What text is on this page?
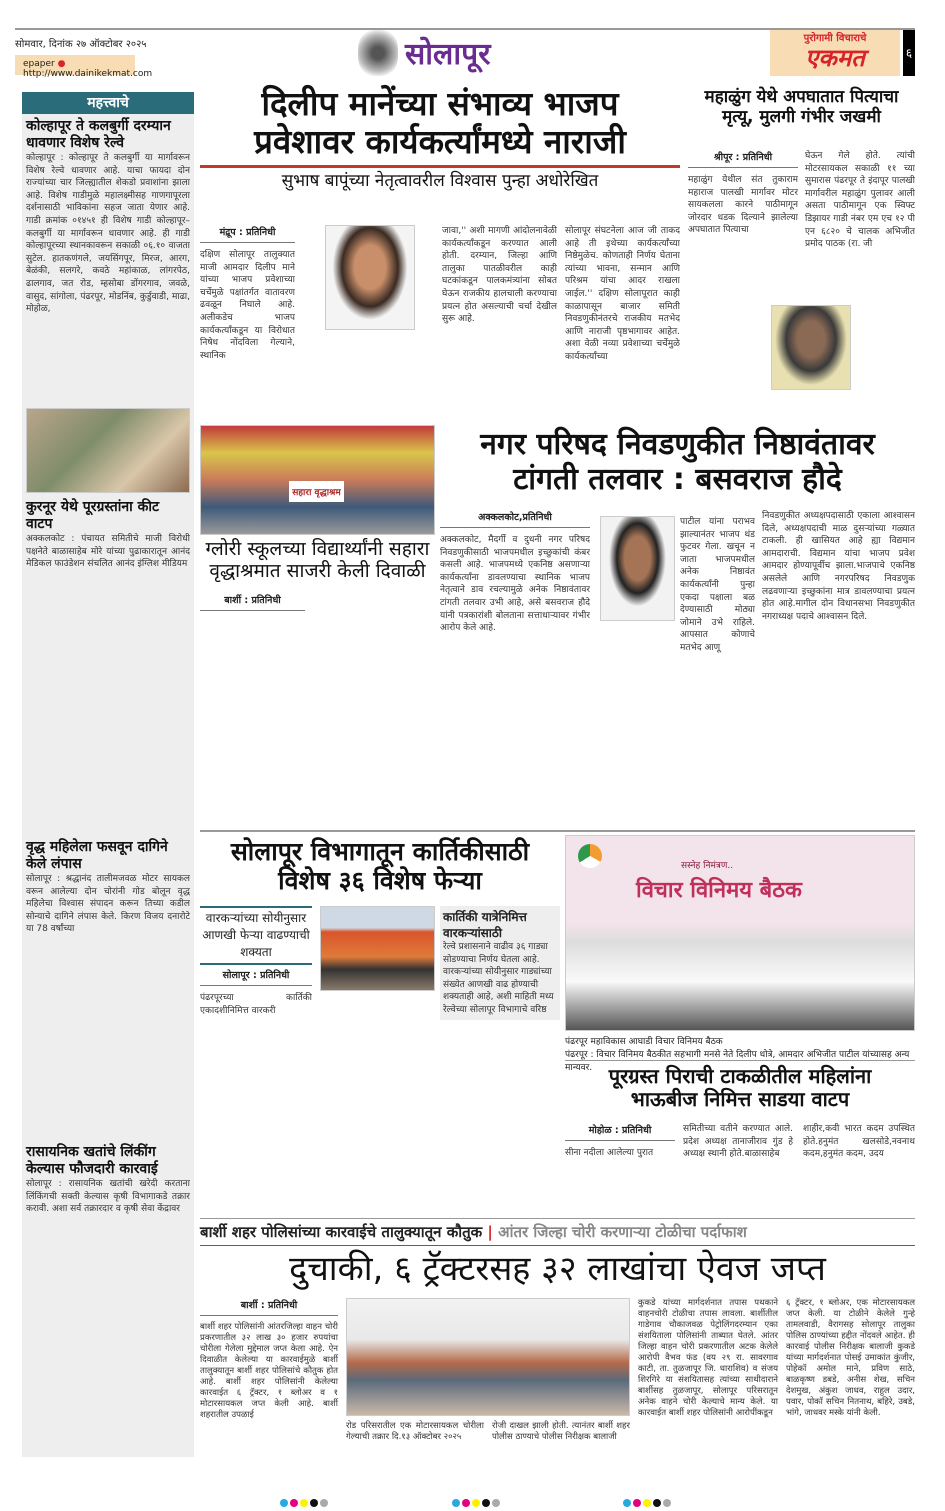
सोमवार, दिनांक २७ ऑक्टोबर २०२५
epaper ● http://www.dainikekmat.com
सोलापूर	पुरोगामी विचाराचे
एकमत	६
महत्त्वाचे
कोल्हापूर ते कलबुर्गी दरम्यान धावणार विशेष रेल्वे
कोल्हापूर : कोल्हापूर ते कलबुर्गी या मार्गावरून विशेष रेल्वे धावणार आहे. याचा फायदा दोन राज्यांच्या चार जिल्ह्यातील शेकडो प्रवाशांना झाला आहे. विशेष गाडीमुळे महालक्ष्मीसह गाणगापूरला दर्शनासाठी भाविकांना सहज जाता येणार आहे. गाडी क्रमांक ०१४५१ ही विशेष गाडी कोल्हापूर–कलबुर्गी या मार्गावरून धावणार आहे. ही गाडी कोल्हापूरच्या स्थानकावरून सकाळी ०६.१० वाजता सुटेल. हातकणंगले, जयसिंगपूर, मिरज, आरग, बेळंकी, सलगरे, कवठे महांकाळ, लांगरपेठ, ढालगाव, जत रोड, म्हसोबा डोंगरगाव, जवळे, वासुद, सांगोला, पंढरपूर, मोडनिंब, कुर्डुवाडी, माढा, मोहोळ,
कुरनूर येथे पूरग्रस्तांना कीट वाटप
अक्कलकोट : पंचायत समितीचे माजी विरोधी पक्षनेते बाळासाहेब मोरे यांच्या पुढाकारातून आनंद मेडिकल फाउंडेशन संचलित आनंद इंग्लिश मीडियम
वृद्ध महिलेला फसवून दागिने केले लंपास
सोलापूर : श्रद्धानंद तालीमजवळ मोटर सायकल वरून आलेल्या दोन चोरांनी गोड बोलून वृद्ध महिलेचा विश्वास संपादन करून तिच्या कडील सोन्याचे दागिने लंपास केले. किरण विजय दनारोटे या 78 वर्षांच्या
रासायनिक खतांचे लिंकींग केल्यास फौजदारी कारवाई
सोलापूर : रासायनिक खतांची खरेदी करताना लिंकिंगची सक्ती केल्यास कृषी विभागाकडे तक्रार करावी. अशा सर्व तक्रारदार व कृषी सेवा केंद्रावर
दिलीप मानेंच्या संभाव्य भाजप
प्रवेशावर कार्यकर्त्यांमध्ये नाराजी
सुभाष बापूंच्या नेतृत्वावरील विश्वास पुन्हा अधोरेखित
मंद्रूप : प्रतिनिधी
दक्षिण सोलापूर तालुक्यात माजी आमदार दिलीप माने यांच्या भाजप प्रवेशाच्या चर्चेमुळे पक्षांतर्गत वातावरण ढवळून निघाले आहे. अलीकडेच भाजप कार्यकर्त्यांकडून या विरोधात निषेध नोंदविला गेल्याने, स्थानिक
जावा,'' अशी मागणी आंदोलनावेळी कार्यकर्त्यांकडून करण्यात आली होती. दरम्यान, जिल्हा आणि तालुका पातळीवरील काही घटकांकडून पालकमंत्र्यांना सोबत घेऊन राजकीय हालचाली करण्याचा प्रयत्न होत असल्याची चर्चा देखील सुरू आहे.
सोलापूर संघटनेला आज जी ताकद आहे ती इथेच्या कार्यकर्त्यांच्या निष्ठेमुळेच. कोणताही निर्णय घेताना त्यांच्या भावना, सन्मान आणि परिश्रम यांचा आदर राखला जाईल.'' दक्षिण सोलापूरात काही काळापासून बाजार समिती निवडणुकीनंतरचे राजकीय मतभेद आणि नाराजी पृष्ठभागावर आहेत. अशा वेळी नव्या प्रवेशाच्या चर्चेमुळे कार्यकर्त्यांच्या
महाळुंग येथे अपघातात पित्याचा मृत्यू, मुलगी गंभीर जखमी
श्रीपूर : प्रतिनिधी
महाळुंग येथील संत तुकाराम महाराज पालखी मार्गावर मोटर सायकलला कारने पाठीमागून जोरदार धडक दिल्याने झालेल्या अपघातात पित्याचा
घेऊन गेले होते. त्यांची मोटरसायकल सकाळी ११ च्या सुमारास पंढरपूर ते इंदापूर पालखी मार्गावरील महाळुंग पुलावर आली असता पाठीमागून एक स्विफ्ट डिझायर गाडी नंबर एम एच १२ पी एन ६८२० चे चालक अभिजीत प्रमोद पाठक (रा. जी
सहारा वृद्धाश्रम
ग्लोरी स्कूलच्या विद्यार्थ्यांनी सहारा
वृद्धाश्रमात साजरी केली दिवाळी
बार्शी : प्रतिनिधी
नगर परिषद निवडणुकीत निष्ठावंतावर
टांगती तलवार : बसवराज हौदे
अक्कलकोट,प्रतिनिधी
अक्कलकोट, मैदर्गी व दुधनी नगर परिषद निवडणुकीसाठी भाजपमधील इच्छुकांची कंबर कसली आहे. भाजपमध्ये एकनिष्ठ असणाऱ्या कार्यकर्त्यांना डावलण्याचा स्थानिक भाजप नेतृत्वाने डाव रचल्यामुळे अनेक निष्ठावंतावर टांगती तलवार उभी आहे, असे बसवराज हौदे यांनी पत्रकारांशी बोलताना सत्ताधाऱ्यावर गंभीर आरोप केले आहे.
पाटील यांना पराभव झाल्यानंतर भाजप थंड फुटवर गेला. खचून न जाता भाजपमधील अनेक निष्ठावंत कार्यकर्त्यांनी पुन्हा एकदा पक्षाला बळ देण्यासाठी मोठ्या जोमाने उभे राहिले. आपसात कोणाचे मतभेद आणू
निवडणुकीत अध्यक्षपदासाठी एकाला आश्वासन दिले, अध्यक्षपदाची माळ दुसऱ्यांच्या गळ्यात टाकली. ही खासियत आहे ह्या विद्यमान आमदाराची. विद्यमान यांचा भाजप प्रवेश आमदार होण्यापूर्वीच झाला.भाजपाचे एकनिष्ठ असलेले आणि नगरपरिषद निवडणुक लढवणाऱ्या इच्छुकांना मात्र डावलण्याचा प्रयत्न होत आहे.मागील दोन विधानसभा निवडणुकीत नगराध्यक्ष पदाचे आश्वासन दिले.
सोलापूर विभागातून कार्तिकीसाठी
विशेष ३६ विशेष फेऱ्या
वारकऱ्यांच्या सोयीनुसार आणखी फेऱ्या वाढण्याची शक्यता
सोलापूर : प्रतिनिधी
पंढरपूरच्या कार्तिकी एकादशीनिमित्त वारकरी
कार्तिकी यात्रेनिमित्त वारकऱ्यांसाठी
रेल्वे प्रशासनाने वाढीव ३६ गाड्या सोडण्याचा निर्णय घेतला आहे. वारकऱ्यांच्या सोयीनुसार गाड्यांच्या संख्येत आणखी वाढ होण्याची शक्यताही आहे, अशी माहिती मध्य रेल्वेच्या सोलापूर विभागाचे वरिष्ठ
सस्नेह निमंत्रण..
विचार विनिमय बैठक
पंढरपूर महाविकास आघाडी विचार विनिमय बैठक
पंढरपूर : विचार विनिमय बैठकीत सहभागी मनसे नेते दिलीप धोत्रे, आमदार अभिजीत पाटील यांच्यासह अन्य मान्यवर. पूरग्रस्त पिराची टाकळीतील महिलांना
भाऊबीज निमित्त साडया वाटप
मोहोळ : प्रतिनिधी
सीना नदीला आलेल्या पुरात
समितीच्या वतीने करण्यात आले. प्रदेश अध्यक्ष तानाजीराव गुंड हे अध्यक्ष स्थानी होते.बाळासाहेब
शाहीर,कवी भारत कदम उपस्थित होते.हनुमंत खलसोडे,नवनाथ कदम,हनुमंत कदम, उदय
बार्शी शहर पोलिसांच्या कारवाईचे तालुक्यातून कौतुक | आंतर जिल्हा चोरी करणाऱ्या टोळीचा पर्दाफाश
दुचाकी, ६ ट्रॅक्टरसह ३२ लाखांचा ऐवज जप्त
बार्शी : प्रतिनिधी
बार्शी शहर पोलिसांनी आंतरजिल्हा वाहन चोरी प्रकरणातील ३२ लाख ३० हजार रुपयांचा चोरीला गेलेला मुद्देमाल जप्त केला आहे. ऐन दिवाळीत केलेल्या या कारवाईमुळे बार्शी तालुक्यातून बार्शी शहर पोलिसांचे कौतुक होत आहे. बार्शी शहर पोलिसांनी केलेल्या कारवाईत ६ ट्रॅक्टर, १ ब्लोअर व १ मोटारसायकल जप्त केली आहे. बार्शी शहरातील उपळाई
रोड परिसरातील एक मोटारसायकल चोरीला गेल्याची तक्रार दि.१३ ऑक्टोबर २०२५
रोजी दाखल झाली होती. त्यानंतर बार्शी शहर पोलीस ठाण्याचे पोलीस निरीक्षक बालाजी
कुकडे यांच्या मार्गदर्शनात तपास पथकाने वाहनचोरी टोळीचा तपास लावला. बार्शीतील गाडेगाव चौकाजवळ पेट्रोलिंगदरम्यान एका संशयिताला पोलिसांनी ताब्यात घेतले. आंतर जिल्हा वाहन चोरी प्रकरणातील अटक केलेले आरोपी वैभव फंड (वय २९ रा. सावरगाव काटी, ता. तुळजापूर जि. धाराशिव) व संजय शिरगिरे या संशयितासह त्यांच्या साथीदाराने बार्शीसह तुळजापूर, सोलापूर परिसरातून अनेक वाहने चोरी केल्याचे मान्य केले. या कारवाईत बार्शी शहर पोलिसांनी आरोपींकडून
६ ट्रॅक्टर, १ ब्लोअर, एक मोटारसायकल जप्त केली. या टोळीने केलेले गुन्हे तामलवाडी, वैरागसह सोलापूर तालुका पोलिस ठाण्यांच्या हद्दीत नोंदवले आहेत. ही कारवाई पोलीस निरीक्षक बालाजी कुकडे यांच्या मार्गदर्शनात पोसई उमाकांत कुंजीर, पोहेकॉ अमोल माने, प्रविण साठे, बाळकृष्ण डबडे, अनीस शेख, सचिन देशमुख, अंकुश जाधव, राहुल उदार, पवार, पोकॉ सचिन नितनाथ, बहिरे, उबडे, भांगे, जाधवर मस्के यांनी केली.
